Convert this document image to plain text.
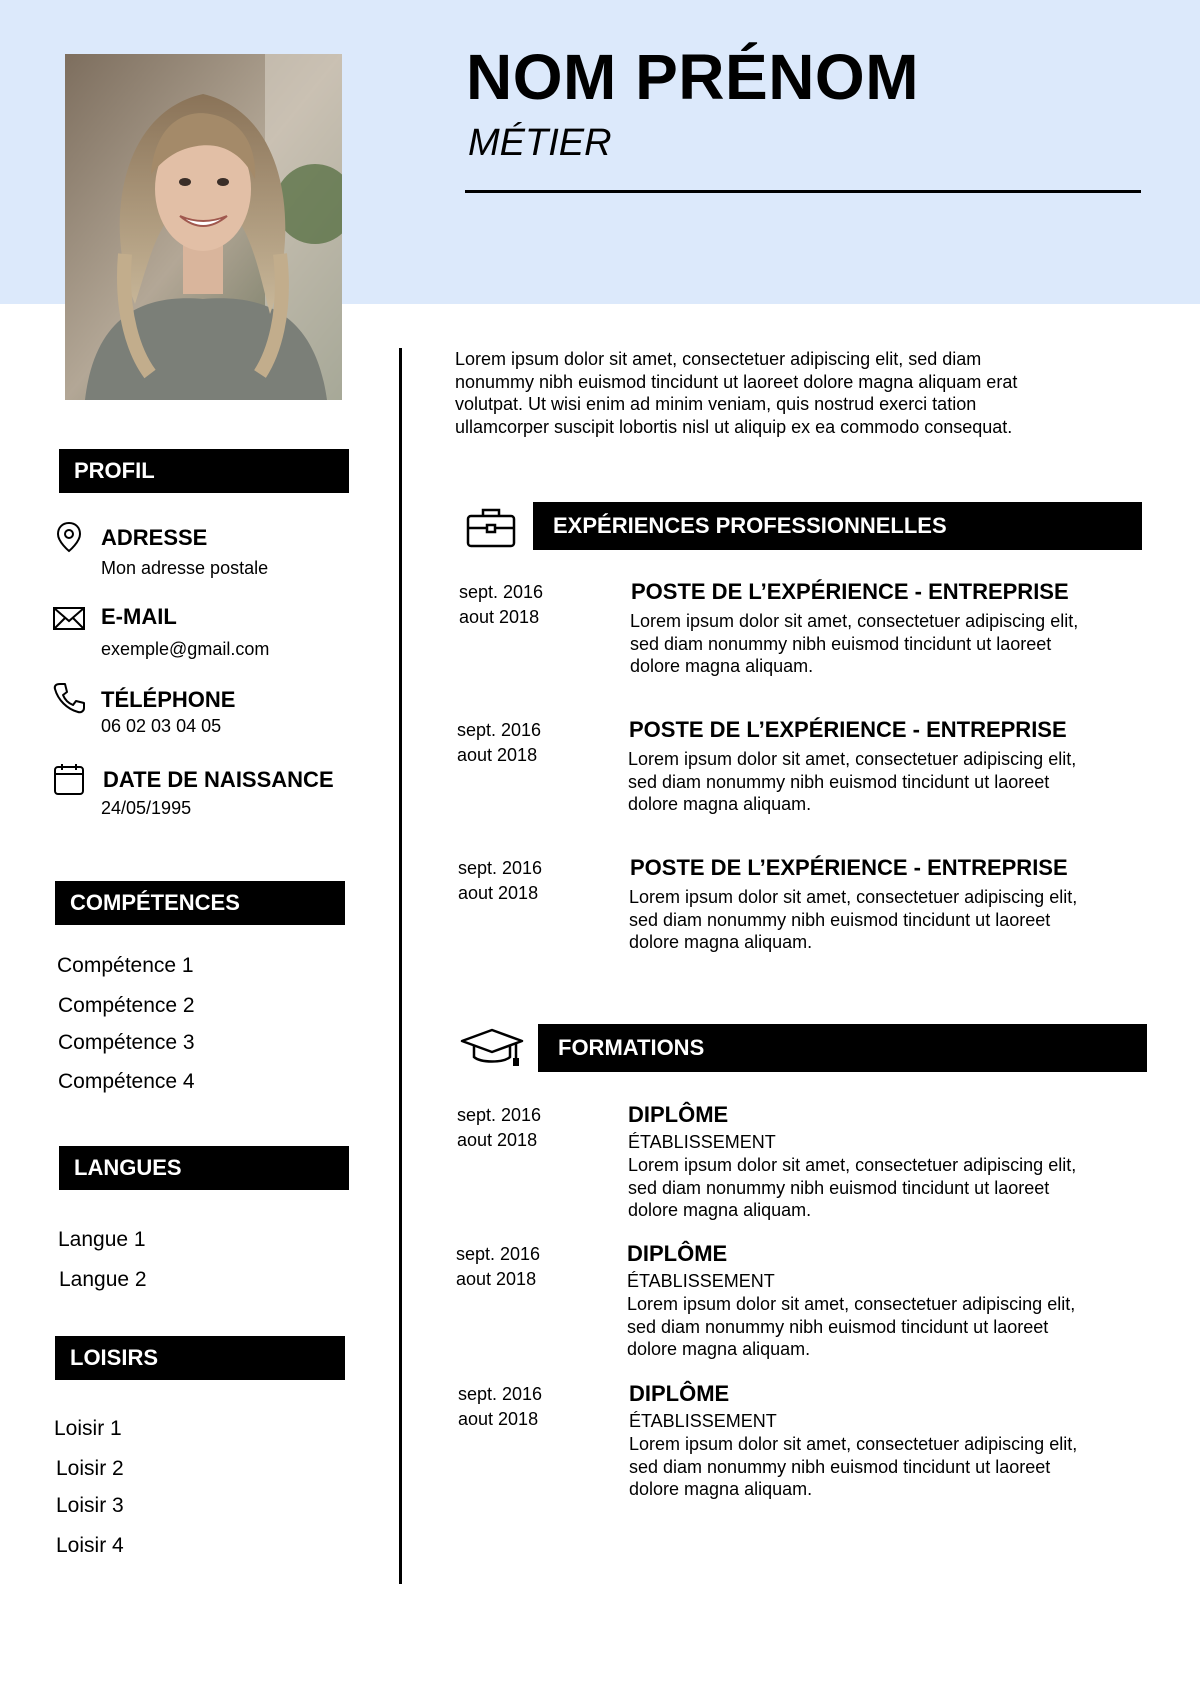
NOM PRÉNOM
MÉTIER
PROFIL
ADRESSE
Mon adresse postale
E-MAIL
exemple@gmail.com
TÉLÉPHONE
06 02 03 04 05
DATE DE NAISSANCE
24/05/1995
COMPÉTENCES
Compétence 1
Compétence 2
Compétence 3
Compétence 4
LANGUES
Langue 1
Langue 2
LOISIRS
Loisir 1
Loisir 2
Loisir 3
Loisir 4
Lorem ipsum dolor sit amet, consectetuer adipiscing elit, sed diam nonummy nibh euismod tincidunt ut laoreet dolore magna aliquam erat volutpat. Ut wisi enim ad minim veniam, quis nostrud exerci tation ullamcorper suscipit lobortis nisl ut aliquip ex ea commodo consequat.
EXPÉRIENCES PROFESSIONNELLES
sept. 2016
aout 2018
POSTE DE L’EXPÉRIENCE - ENTREPRISE
Lorem ipsum dolor sit amet, consectetuer adipiscing elit, sed diam nonummy nibh euismod tincidunt ut laoreet dolore magna aliquam.
sept. 2016
aout 2018
POSTE DE L’EXPÉRIENCE - ENTREPRISE
Lorem ipsum dolor sit amet, consectetuer adipiscing elit, sed diam nonummy nibh euismod tincidunt ut laoreet dolore magna aliquam.
sept. 2016
aout 2018
POSTE DE L’EXPÉRIENCE - ENTREPRISE
Lorem ipsum dolor sit amet, consectetuer adipiscing elit, sed diam nonummy nibh euismod tincidunt ut laoreet dolore magna aliquam.
FORMATIONS
sept. 2016
aout 2018
DIPLÔME
ÉTABLISSEMENT
Lorem ipsum dolor sit amet, consectetuer adipiscing elit, sed diam nonummy nibh euismod tincidunt ut laoreet dolore magna aliquam.
sept. 2016
aout 2018
DIPLÔME
ÉTABLISSEMENT
Lorem ipsum dolor sit amet, consectetuer adipiscing elit, sed diam nonummy nibh euismod tincidunt ut laoreet dolore magna aliquam.
sept. 2016
aout 2018
DIPLÔME
ÉTABLISSEMENT
Lorem ipsum dolor sit amet, consectetuer adipiscing elit, sed diam nonummy nibh euismod tincidunt ut laoreet dolore magna aliquam.
